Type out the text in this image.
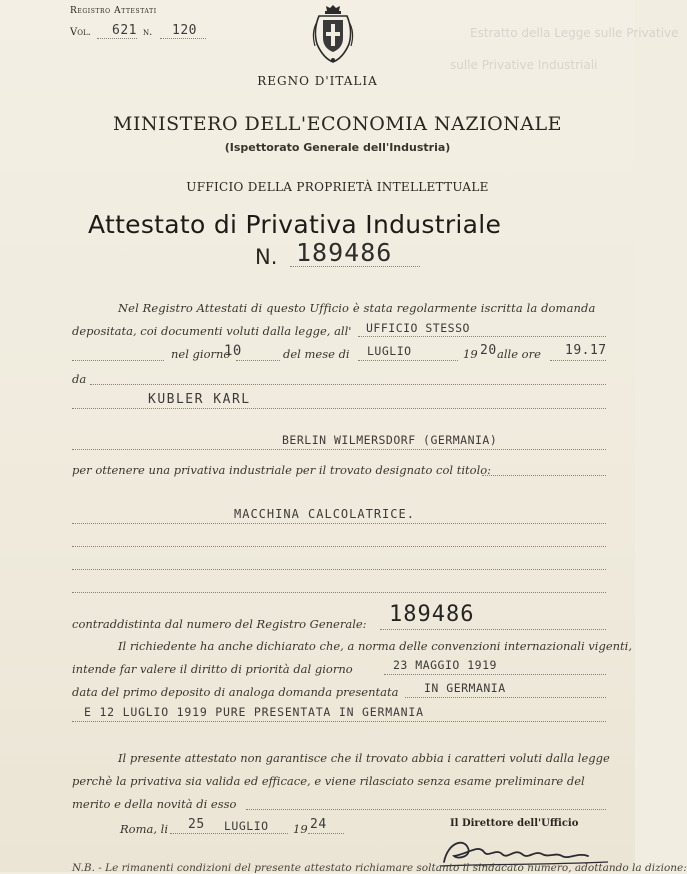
Estratto della Legge sulle Privative
sulle Privative Industriali
Registro Attestati
Vol. 621 n. 120
REGNO D'ITALIA
MINISTERO DELL'ECONOMIA NAZIONALE
(Ispettorato Generale dell'Industria)
UFFICIO DELLA PROPRIETÀ INTELLETTUALE
Attestato di Privativa Industriale
N. 189486
Nel Registro Attestati di questo Ufficio è stata regolarmente iscritta la domanda
depositata, coi documenti voluti dalla legge, all' UFFICIO STESSO
nel giorno
10	del mese di LUGLIO	19 20 alle ore 19.17
da
KUBLER KARL
BERLIN WILMERSDORF (GERMANIA)
per ottenere una privativa industriale per il trovato designato col titolo:
MACCHINA CALCOLATRICE.
contraddistinta dal numero del Registro Generale: 189486
Il richiedente ha anche dichiarato che, a norma delle convenzioni internazionali vigenti,
intende far valere il diritto di priorità dal giorno	23 MAGGIO 1919
data del primo deposito di analoga domanda presentata IN GERMANIA
E 12 LUGLIO 1919 PURE PRESENTATA IN GERMANIA
Il presente attestato non garantisce che il trovato abbia i caratteri voluti dalla legge
perchè la privativa sia valida ed efficace, e viene rilasciato senza esame preliminare del
merito e della novità di esso
Roma, li 25 LUGLIO 19 24	Il Direttore dell'Ufficio
N.B. - Le rimanenti condizioni del presente attestato richiamare soltanto il sindacato numero, adottando la dizione:
